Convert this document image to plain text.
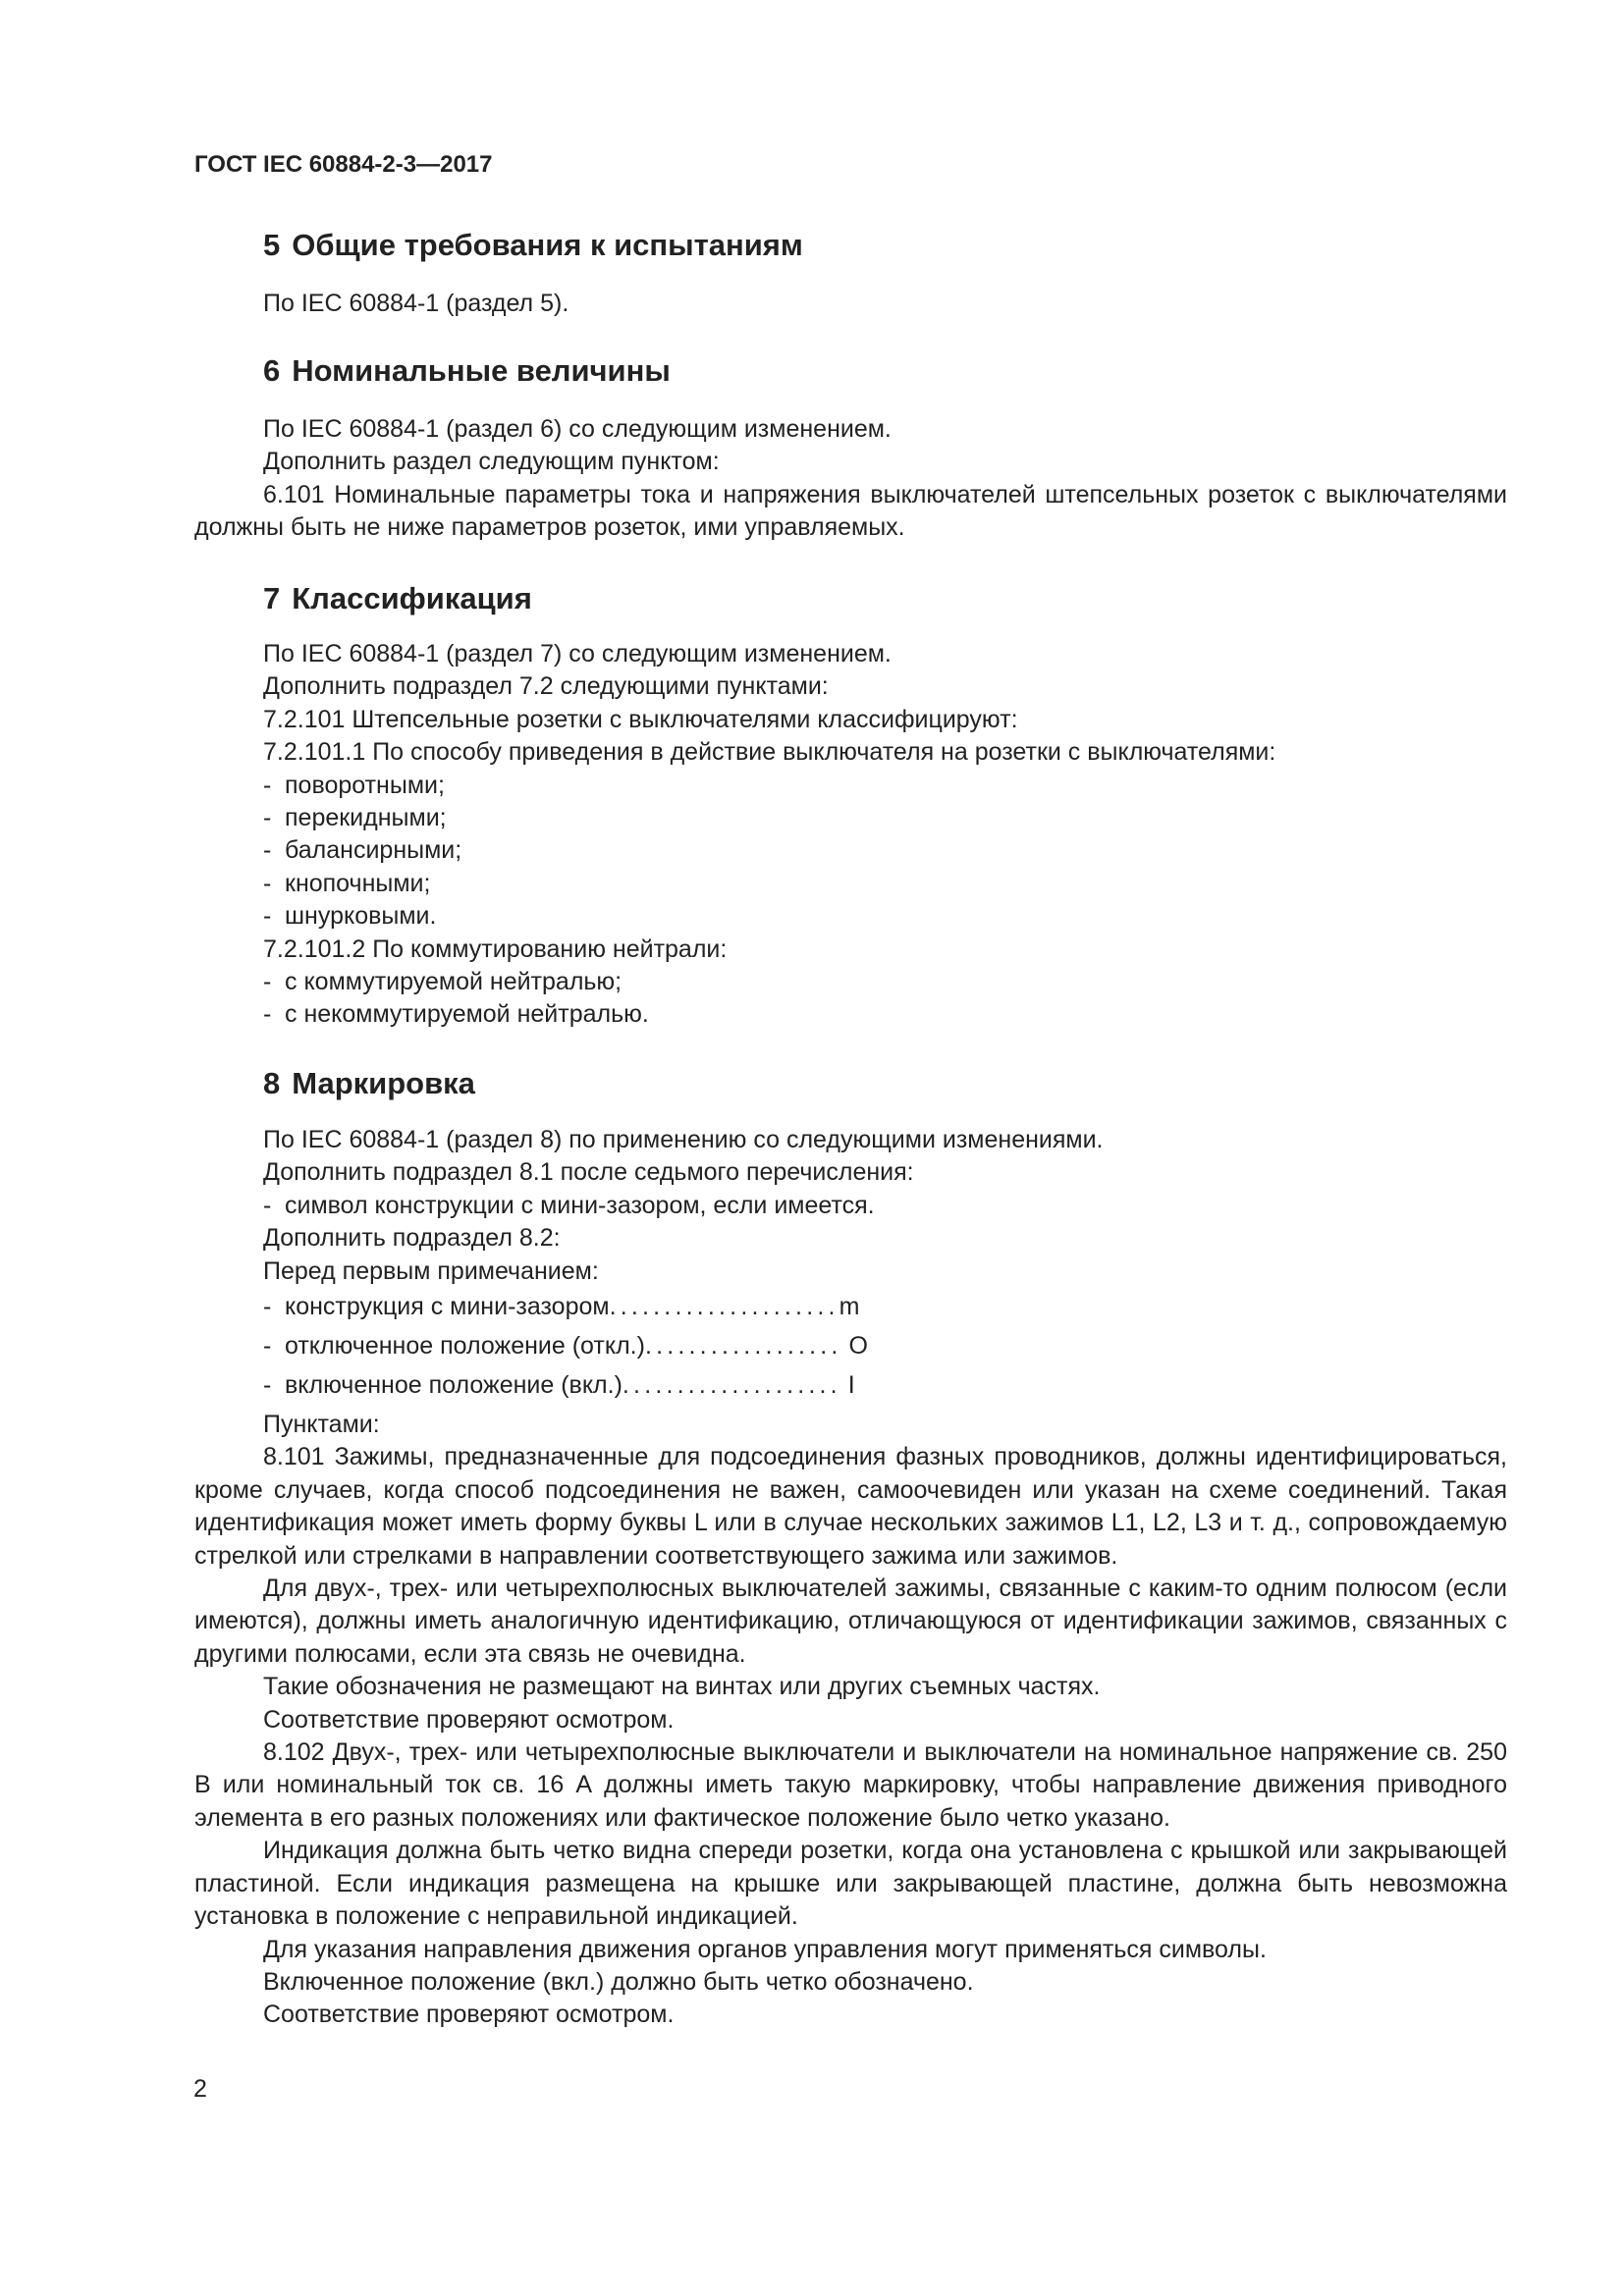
ГОСТ IEC 60884-2-3—2017
5 Общие требования к испытаниям

По IEC 60884-1 (раздел 5).

6 Номинальные величины

По IEC 60884-1 (раздел 6) со следующим изменением.

Дополнить раздел следующим пунктом:

6.101 Номинальные параметры тока и напряжения выключателей штепсельных розеток с выключателями должны быть не ниже параметров розеток, ими управляемых.

7 Классификация

По IEC 60884-1 (раздел 7) со следующим изменением.

Дополнить подраздел 7.2 следующими пунктами:

7.2.101 Штепсельные розетки с выключателями классифицируют:

7.2.101.1 По способу приведения в действие выключателя на розетки с выключателями:

- поворотными;
- перекидными;
- балансирными;
- кнопочными;
- шнурковыми.

7.2.101.2 По коммутированию нейтрали:

- с коммутируемой нейтралью;
- с некоммутируемой нейтралью.
8 Маркировка

По IEC 60884-1 (раздел 8) по применению со следующими изменениями.

Дополнить подраздел 8.1 после седьмого перечисления:

- символ конструкции с мини-зазором, если имеется.

Дополнить подраздел 8.2:

Перед первым примечанием:

- конструкция с мини-зазором.....................m
- отключенное положение (откл.).................. O
- включенное положение (вкл.).................... I

Пунктами:

8.101 Зажимы, предназначенные для подсоединения фазных проводников, должны идентифицироваться, кроме случаев, когда способ подсоединения не важен, самоочевиден или указан на схеме соединений. Такая идентификация может иметь форму буквы L или в случае нескольких зажимов L1, L2, L3 и т. д., сопровождаемую стрелкой или стрелками в направлении соответствующего зажима или зажимов.

Для двух-, трех- или четырехполюсных выключателей зажимы, связанные с каким-то одним полюсом (если имеются), должны иметь аналогичную идентификацию, отличающуюся от идентификации зажимов, связанных с другими полюсами, если эта связь не очевидна.

Такие обозначения не размещают на винтах или других съемных частях.

Соответствие проверяют осмотром.

8.102 Двух-, трех- или четырехполюсные выключатели и выключатели на номинальное напряжение св. 250 В или номинальный ток св. 16 А должны иметь такую маркировку, чтобы направление движения приводного элемента в его разных положениях или фактическое положение было четко указано.

Индикация должна быть четко видна спереди розетки, когда она установлена с крышкой или закрывающей пластиной. Если индикация размещена на крышке или закрывающей пластине, должна быть невозможна установка в положение с неправильной индикацией.

Для указания направления движения органов управления могут применяться символы.

Включенное положение (вкл.) должно быть четко обозначено.

Соответствие проверяют осмотром.

2
